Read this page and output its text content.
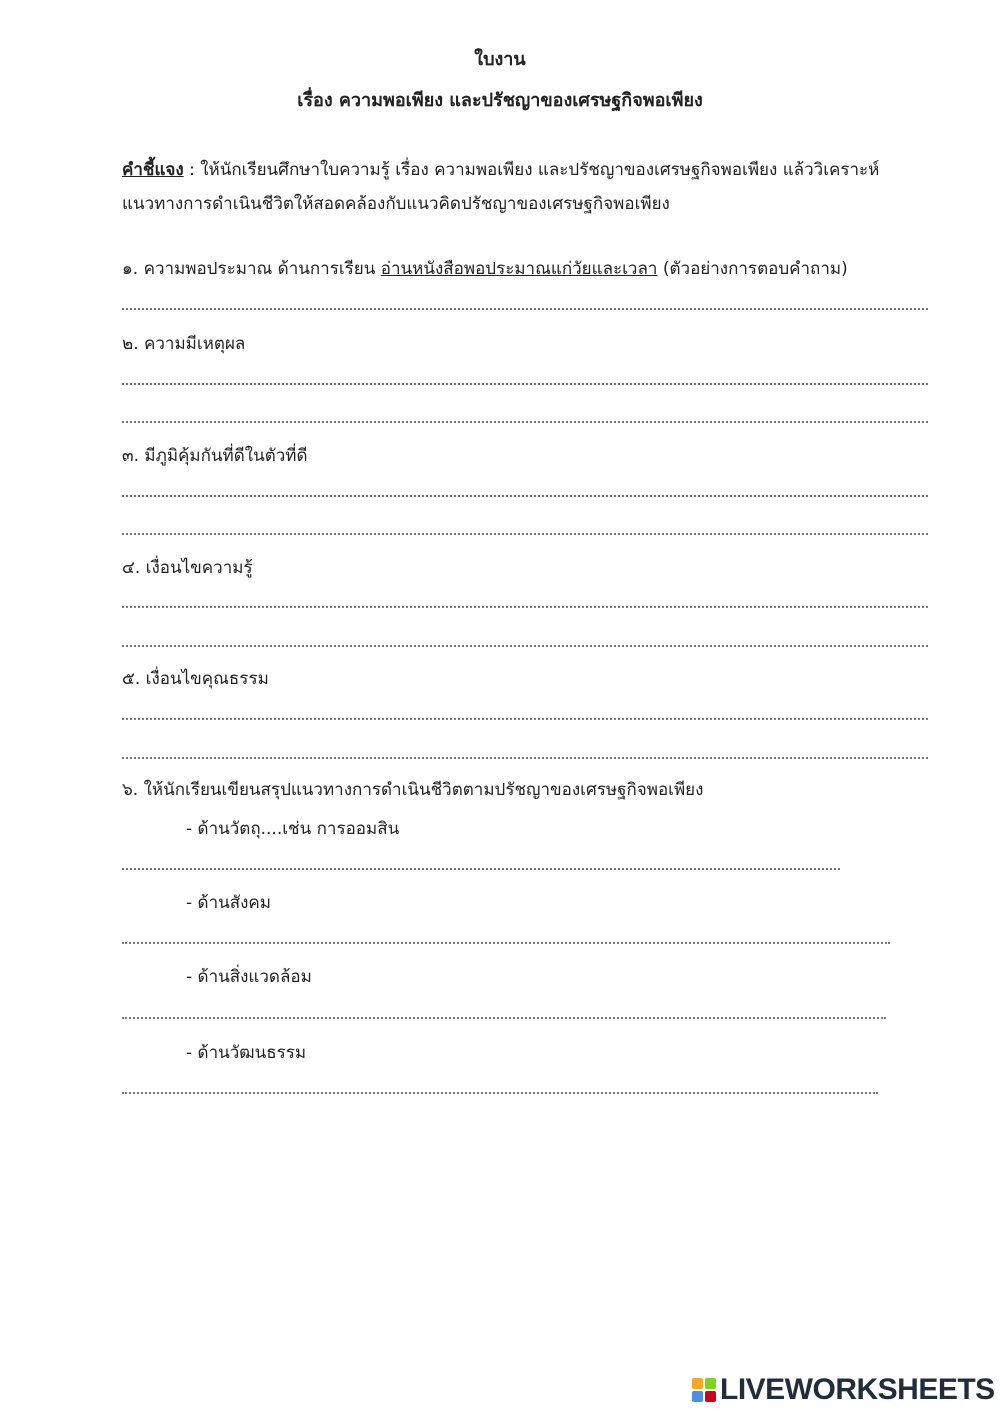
ใบงาน
เรื่อง ความพอเพียง และปรัชญาของเศรษฐกิจพอเพียง
คำชี้แจง : ให้นักเรียนศึกษาใบความรู้ เรื่อง ความพอเพียง และปรัชญาของเศรษฐกิจพอเพียง แล้ววิเคราะห์
แนวทางการดำเนินชีวิตให้สอดคล้องกับแนวคิดปรัชญาของเศรษฐกิจพอเพียง
๑. ความพอประมาณ ด้านการเรียน อ่านหนังสือพอประมาณแก่วัยและเวลา (ตัวอย่างการตอบคำถาม)
๒. ความมีเหตุผล
๓. มีภูมิคุ้มกันที่ดีในตัวที่ดี
๔. เงื่อนไขความรู้
๕. เงื่อนไขคุณธรรม
๖. ให้นักเรียนเขียนสรุปแนวทางการดำเนินชีวิตตามปรัชญาของเศรษฐกิจพอเพียง
- ด้านวัตถุ....เช่น การออมสิน
- ด้านสังคม
- ด้านสิ่งแวดล้อม
- ด้านวัฒนธรรม
LIVEWORKSHEETS
